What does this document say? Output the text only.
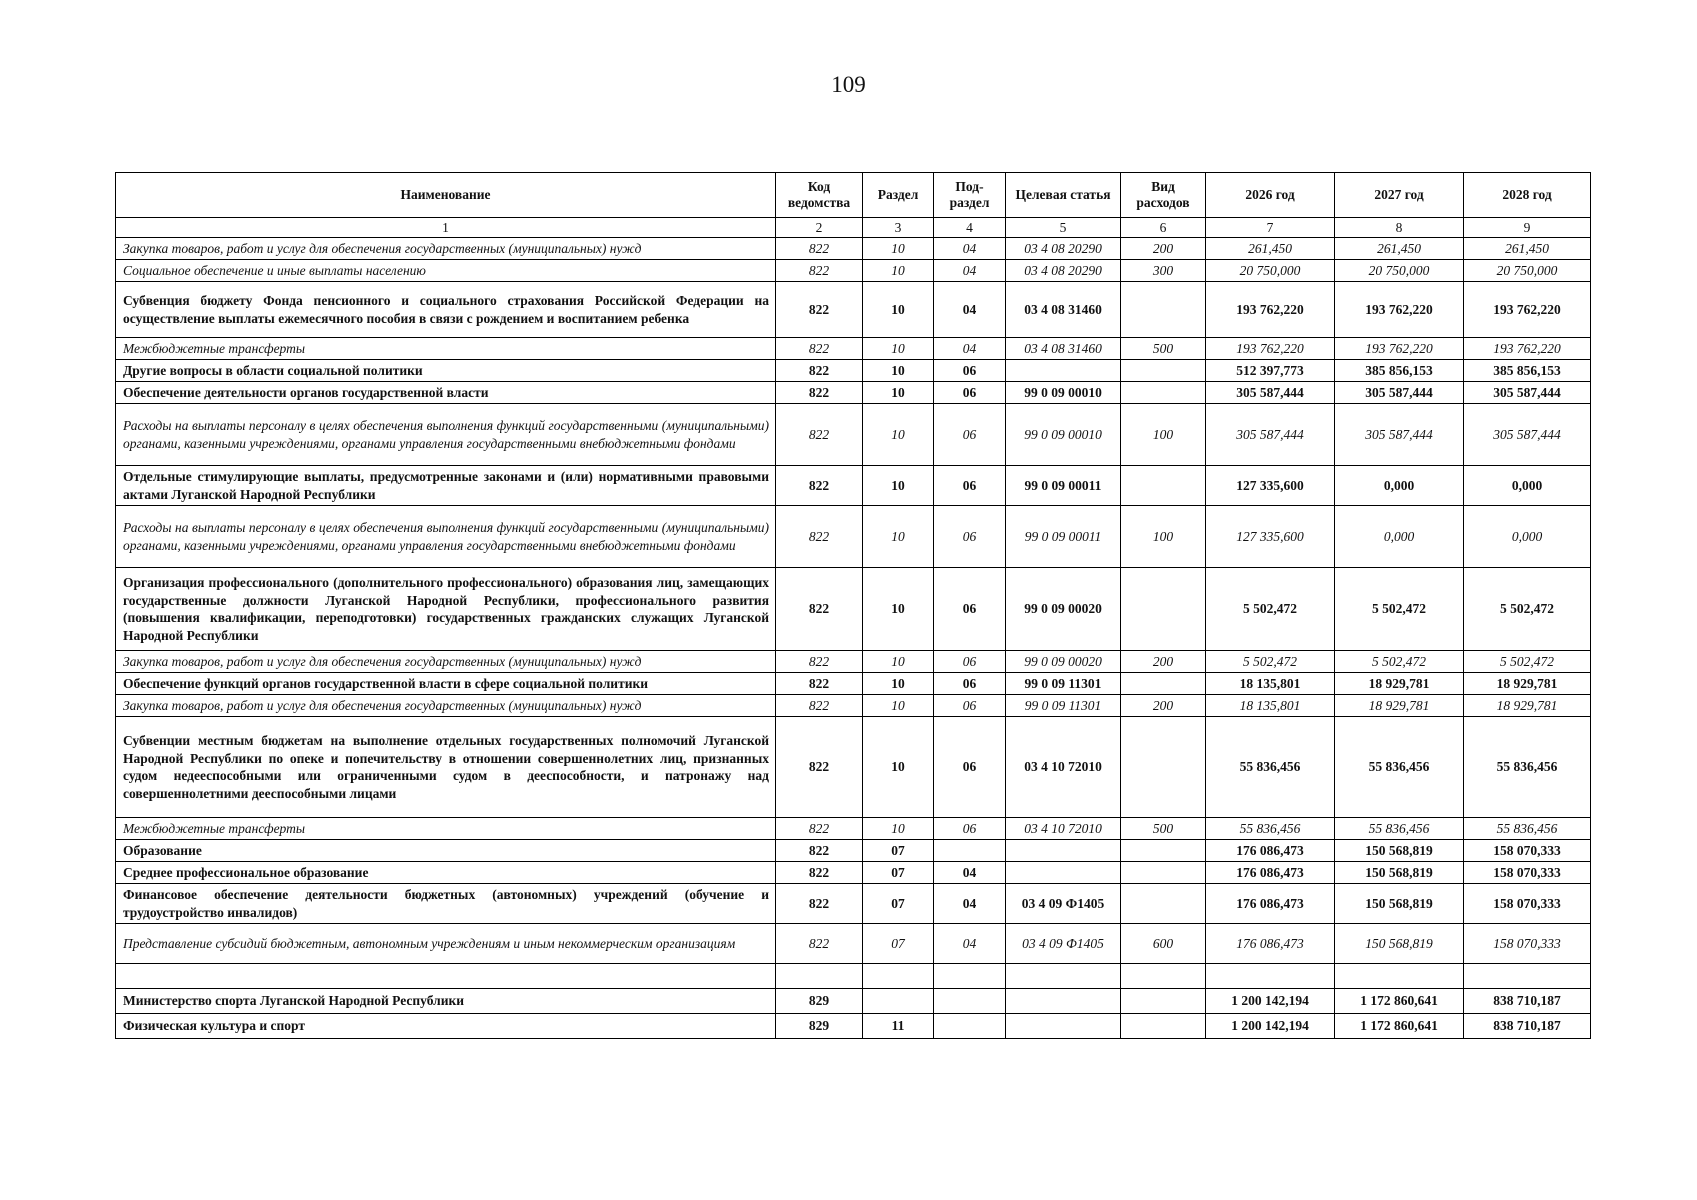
109
Наименование	Код ведомства	Раздел	Под-раздел	Целевая статья	Вид расходов	2026 год	2027 год	2028 год
1	2	3	4	5	6	7	8	9
Закупка товаров, работ и услуг для обеспечения государственных (муниципальных) нужд	822	10	04	03 4 08 20290	200	261,450	261,450	261,450
Социальное обеспечение и иные выплаты населению	822	10	04	03 4 08 20290	300	20 750,000	20 750,000	20 750,000
Субвенция бюджету Фонда пенсионного и социального страхования Российской Федерации на осуществление выплаты ежемесячного пособия в связи с рождением и воспитанием ребенка	822	10	04	03 4 08 31460		193 762,220	193 762,220	193 762,220
Межбюджетные трансферты	822	10	04	03 4 08 31460	500	193 762,220	193 762,220	193 762,220
Другие вопросы в области социальной политики	822	10	06			512 397,773	385 856,153	385 856,153
Обеспечение деятельности органов государственной власти	822	10	06	99 0 09 00010		305 587,444	305 587,444	305 587,444
Расходы на выплаты персоналу в целях обеспечения выполнения функций государственными (муниципальными) органами, казенными учреждениями, органами управления государственными внебюджетными фондами	822	10	06	99 0 09 00010	100	305 587,444	305 587,444	305 587,444
Отдельные стимулирующие выплаты, предусмотренные законами и (или) нормативными правовыми актами Луганской Народной Республики	822	10	06	99 0 09 00011		127 335,600	0,000	0,000
Расходы на выплаты персоналу в целях обеспечения выполнения функций государственными (муниципальными) органами, казенными учреждениями, органами управления государственными внебюджетными фондами	822	10	06	99 0 09 00011	100	127 335,600	0,000	0,000
Организация профессионального (дополнительного профессионального) образования лиц, замещающих государственные должности Луганской Народной Республики, профессионального развития (повышения квалификации, переподготовки) государственных гражданских служащих Луганской Народной Республики	822	10	06	99 0 09 00020		5 502,472	5 502,472	5 502,472
Закупка товаров, работ и услуг для обеспечения государственных (муниципальных) нужд	822	10	06	99 0 09 00020	200	5 502,472	5 502,472	5 502,472
Обеспечение функций органов государственной власти в сфере социальной политики	822	10	06	99 0 09 11301		18 135,801	18 929,781	18 929,781
Закупка товаров, работ и услуг для обеспечения государственных (муниципальных) нужд	822	10	06	99 0 09 11301	200	18 135,801	18 929,781	18 929,781
Субвенции местным бюджетам на выполнение отдельных государственных полномочий Луганской Народной Республики по опеке и попечительству в отношении совершеннолетних лиц, признанных судом недееспособными или ограниченными судом в дееспособности, и патронажу над совершеннолетними дееспособными лицами	822	10	06	03 4 10 72010		55 836,456	55 836,456	55 836,456
Межбюджетные трансферты	822	10	06	03 4 10 72010	500	55 836,456	55 836,456	55 836,456
Образование	822	07				176 086,473	150 568,819	158 070,333
Среднее профессиональное образование	822	07	04			176 086,473	150 568,819	158 070,333
Финансовое обеспечение деятельности бюджетных (автономных) учреждений (обучение и трудоустройство инвалидов)	822	07	04	03 4 09 Ф1405		176 086,473	150 568,819	158 070,333
Представление субсидий бюджетным, автономным учреждениям и иным некоммерческим организациям	822	07	04	03 4 09 Ф1405	600	176 086,473	150 568,819	158 070,333

Министерство спорта Луганской Народной Республики	829					1 200 142,194	1 172 860,641	838 710,187
Физическая культура и спорт	829	11				1 200 142,194	1 172 860,641	838 710,187
